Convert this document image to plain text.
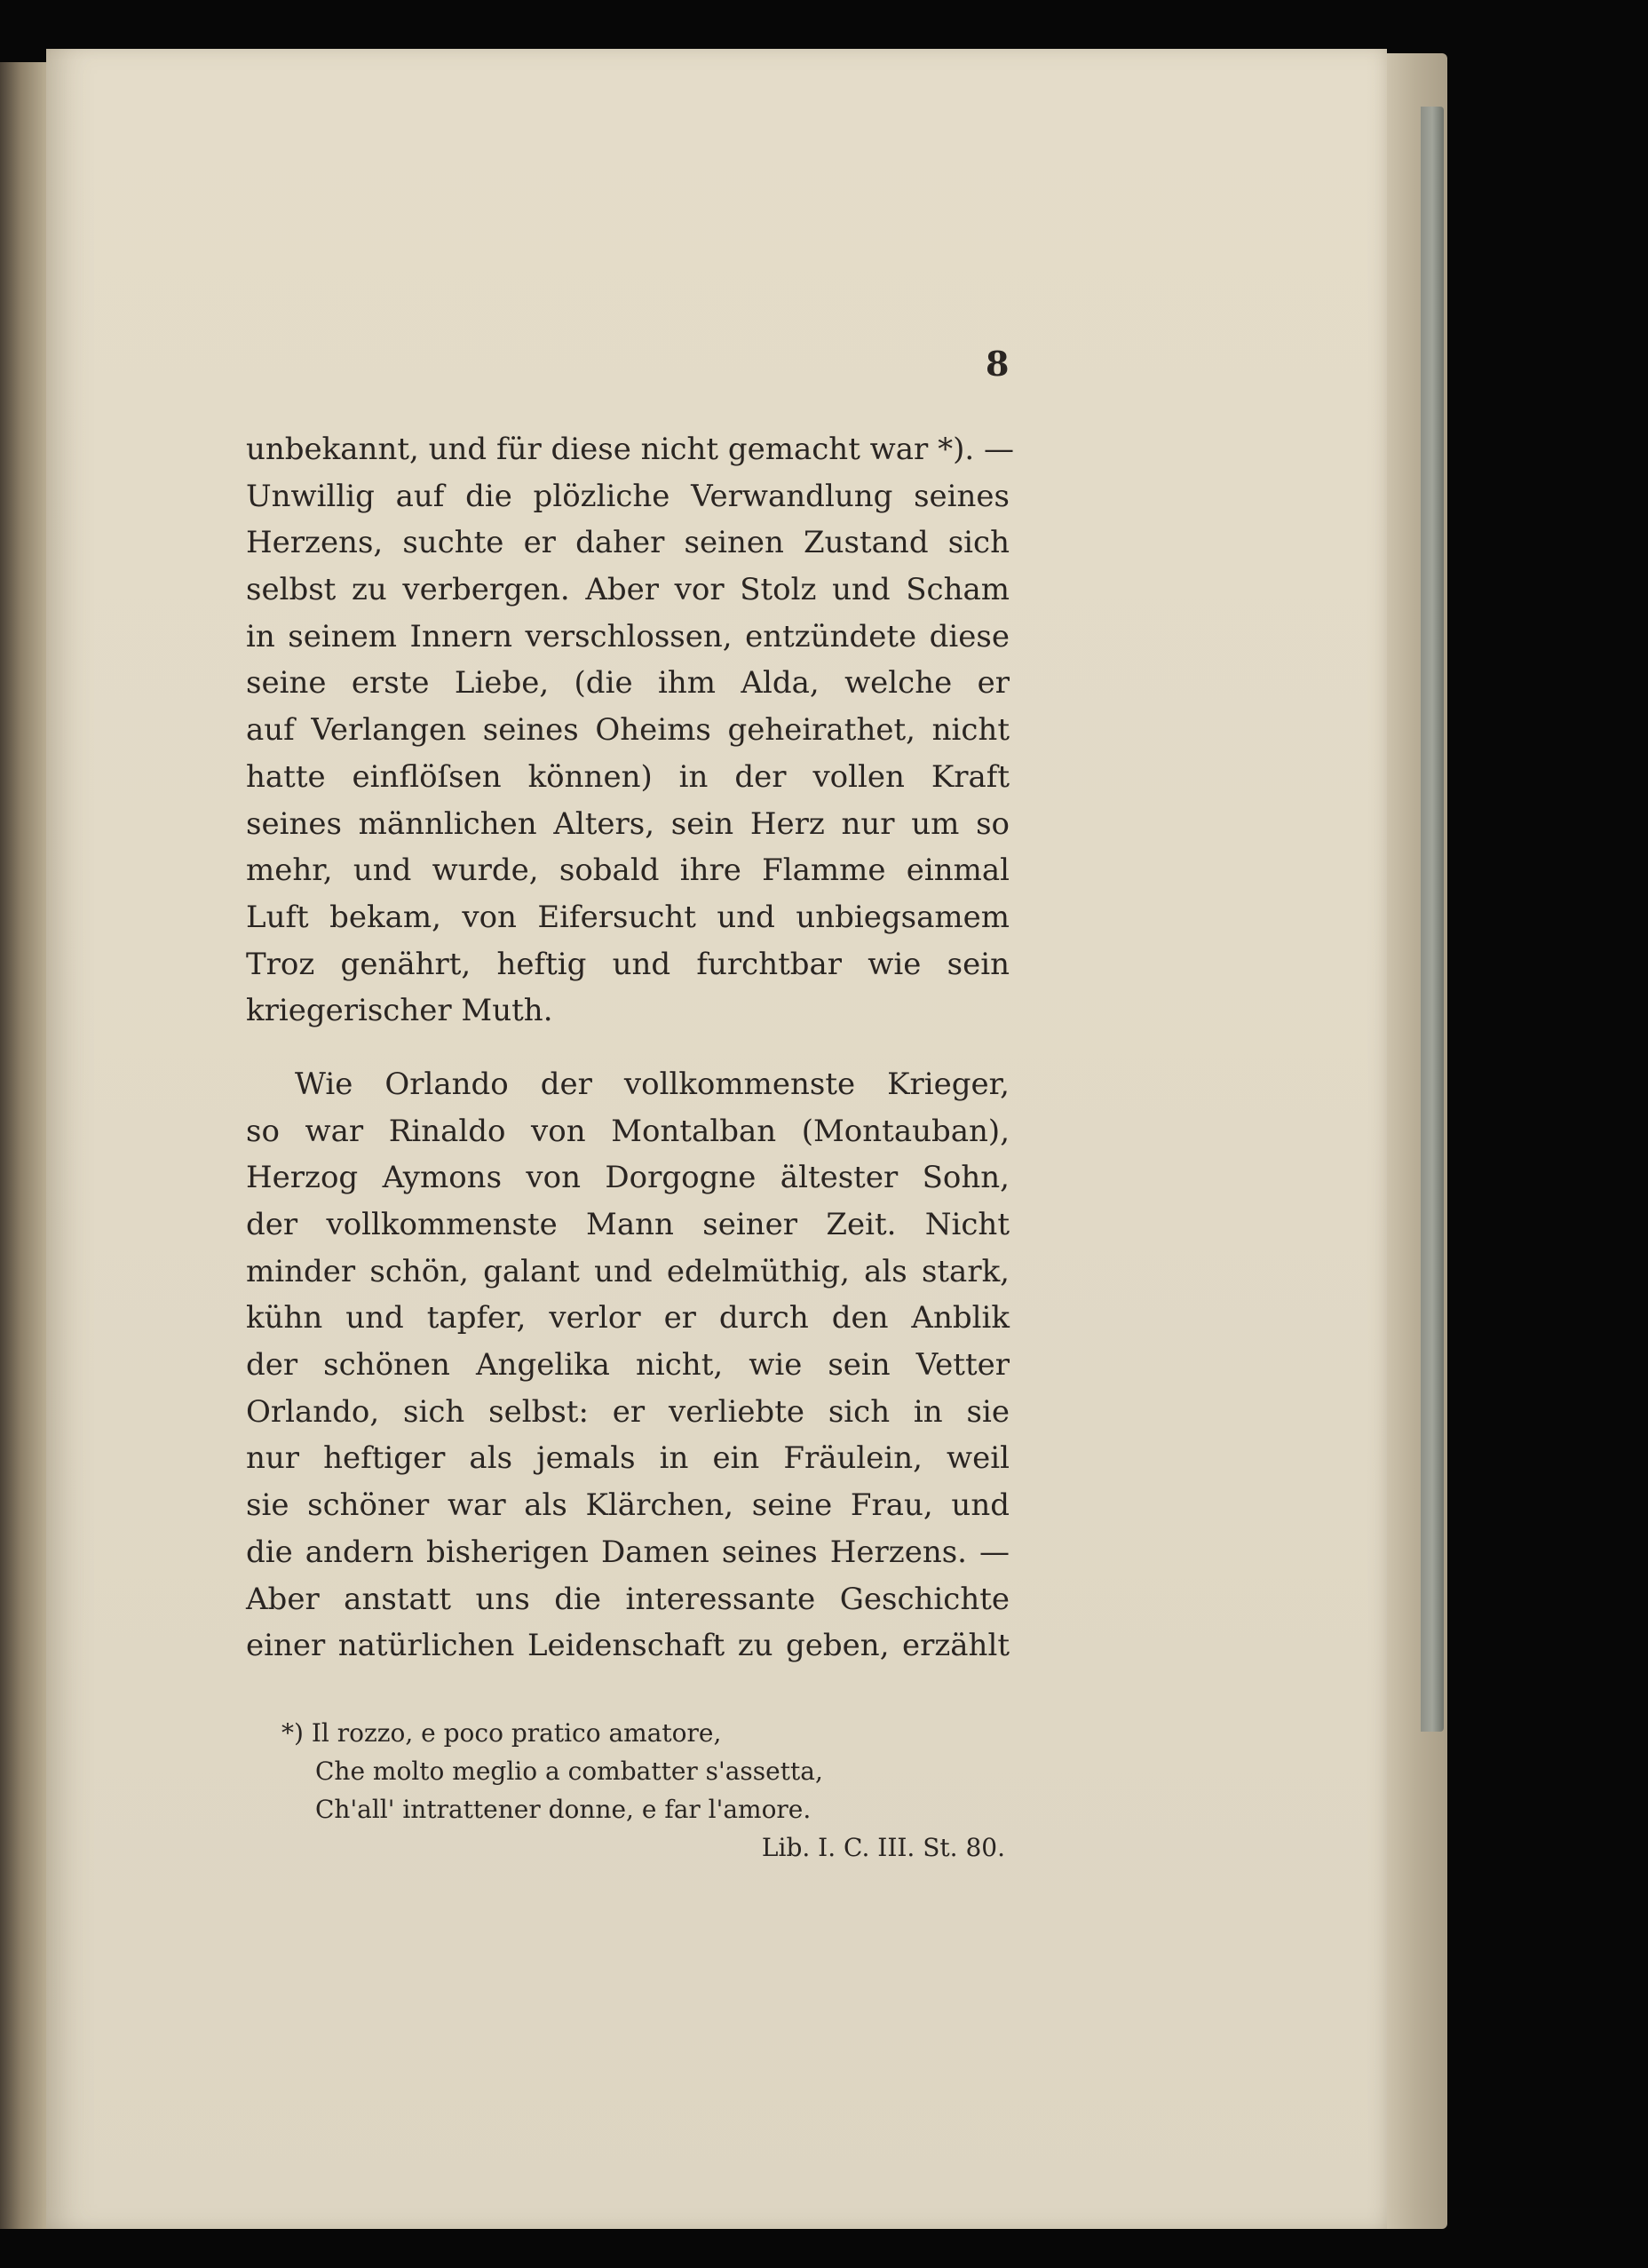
8

unbekannt, und für diese nicht gemacht war *). —

Unwillig auf die plözliche Verwandlung seines

Herzens, suchte er daher seinen Zustand sich

selbst zu verbergen. Aber vor Stolz und Scham

in seinem Innern verschlossen, entzündete diese

seine erste Liebe, (die ihm Alda, welche er

auf Verlangen seines Oheims geheirathet, nicht

hatte einflöſsen können) in der vollen Kraft

seines männlichen Alters, sein Herz nur um so

mehr, und wurde, sobald ihre Flamme einmal

Luft bekam, von Eifersucht und unbiegsamem

Troz genährt, heftig und furchtbar wie sein

kriegerischer Muth.

Wie Orlando der vollkommenste Krieger,

so war Rinaldo von Montalban (Montauban),

Herzog Aymons von Dorgogne ältester Sohn,

der vollkommenste Mann seiner Zeit. Nicht

minder schön, galant und edelmüthig, als stark,

kühn und tapfer, verlor er durch den Anblik

der schönen Angelika nicht, wie sein Vetter

Orlando, sich selbst: er verliebte sich in sie

nur heftiger als jemals in ein Fräulein, weil

sie schöner war als Klärchen, seine Frau, und

die andern bisherigen Damen seines Herzens. —

Aber anstatt uns die interessante Geschichte

einer natürlichen Leidenschaft zu geben, erzählt

*) Il rozzo, e poco pratico amatore,
Che molto meglio a combatter s'assetta,
Ch'all' intrattener donne, e far l'amore.
Lib. I. C. III. St. 80.
